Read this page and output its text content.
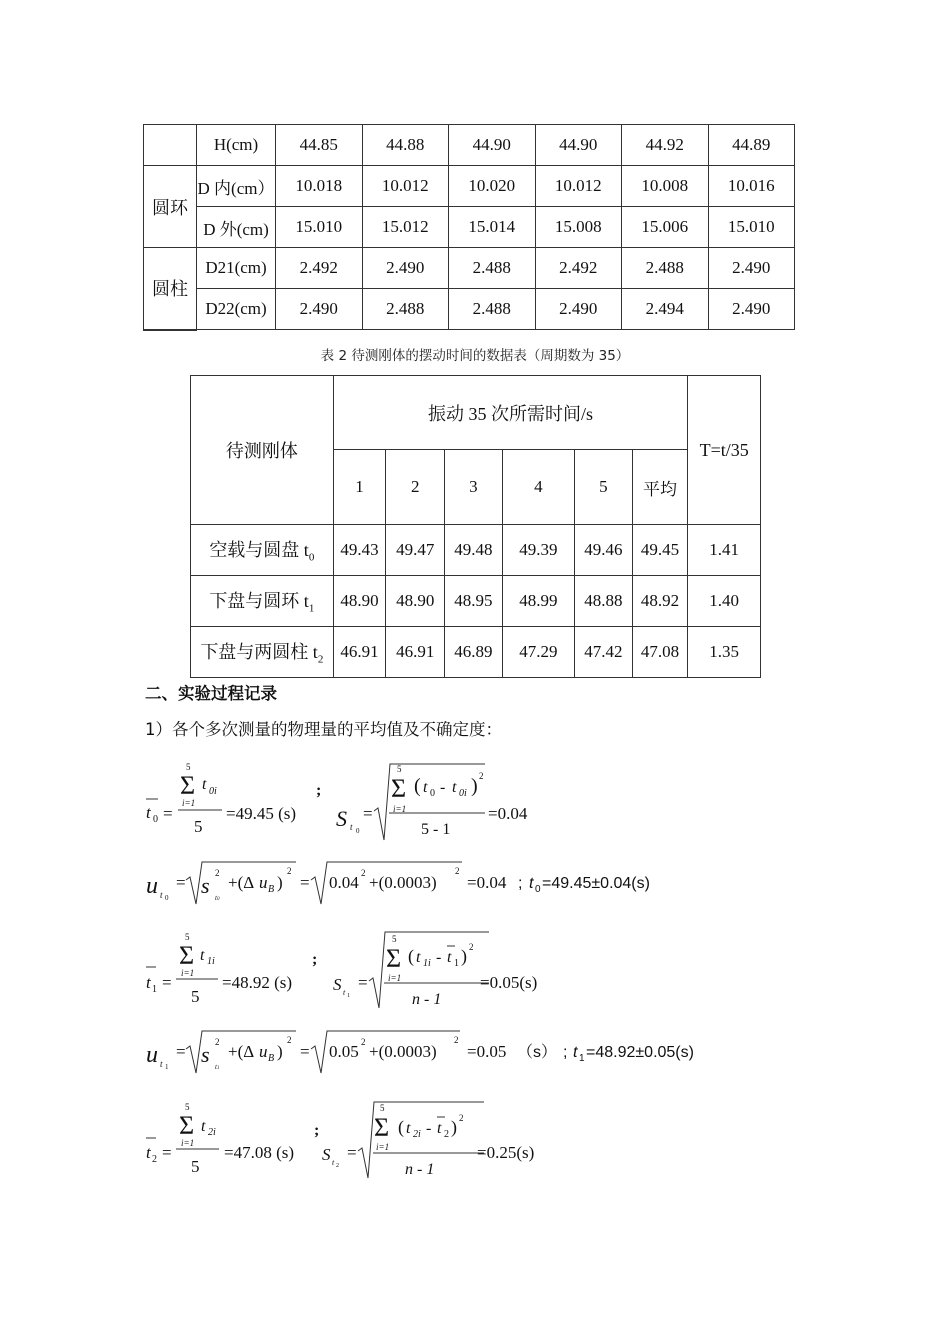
	H(cm)	44.85	44.88	44.90	44.90	44.92	44.89
圆环	D 内(cm）	10.018	10.012	10.020	10.012	10.008	10.016
	D 外(cm)	15.010	15.012	15.014	15.008	15.006	15.010
圆柱	D21(cm)	2.492	2.490	2.488	2.492	2.488	2.490
	D22(cm)	2.490	2.488	2.488	2.490	2.494	2.490
表 2 待测刚体的摆动时间的数据表（周期数为 35）
待测刚体	振动 35 次所需时间/s						T=t/35
	1	2	3	4	5	平均	
空载与圆盘 $t_0$	49.43	49.47	49.48	49.39	49.46	49.45	1.41
下盘与圆环 $t_1$	48.90	48.90	48.95	48.99	48.88	48.92	1.40
下盘与两圆柱 $t_2$	46.91	46.91	46.89	47.29	47.42	47.08	1.35
二、实验过程记录
1）各个多次测量的物理量的平均值及不确定度：
t 0 =
5
Σ
i=1
t 0i
5
=49.45 (s)
;
S t 0
=
5
Σ
i=1
( t 0 - t 0i ) 2
5 - 1
=0.04
u t 0
= s 2
t0
+(Δ u B )
2
= 0.04 2 +(0.0003)
2
=0.04 ; t 0 =49.45±0.04(s)
t 1 =
5
Σ
i=1
t 1i
5
=48.92 (s)
;
S t 1
=
5
Σ
i=1
( t 1i - t 1 ) 2
n - 1
=0.05(s)
u t 1
= s 2
t1
+(Δ u B )
2
= 0.05 2 +(0.0003)
2
=0.05 （s） ; t 1 =48.92±0.05(s)
t 2 =
5
Σ
i=1
t 2i
5
=47.08 (s)
;
S t 2
=
5
Σ
i=1
( t 2i - t 2 ) 2
n - 1
=0.25(s)
